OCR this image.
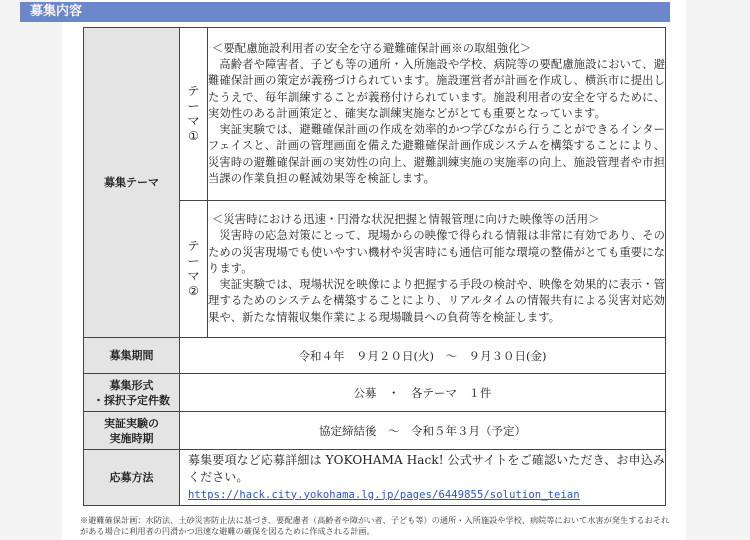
募集内容
募集テーマ	テーマ①	＜要配慮施設利用者の安全を守る避難確保計画※の取組強化＞
高齢者や障害者、子ども等の通所・入所施設や学校、病院等の要配慮施設において、避難確保計画の策定が義務づけられています。施設運営者が計画を作成し、横浜市に提出したうえで、毎年訓練することが義務付けられています。施設利用者の安全を守るために、実効性のある計画策定と、確実な訓練実施などがとても重要となっています。
実証実験では、避難確保計画の作成を効率的かつ学びながら行うことができるインターフェイスと、計画の管理画面を備えた避難確保計画作成システムを構築することにより、災害時の避難確保計画の実効性の向上、避難訓練実施の実施率の向上、施設管理者や市担当課の作業負担の軽減効果等を検証します。

	テーマ②	＜災害時における迅速・円滑な状況把握と情報管理に向けた映像等の活用＞
災害時の応急対策にとって、現場からの映像で得られる情報は非常に有効であり、そのための災害現場でも使いやすい機材や災害時にも通信可能な環境の整備がとても重要になります。
実証実験では、現場状況を映像により把握する手段の検討や、映像を効果的に表示・管理するためのシステムを構築することにより、リアルタイムの情報共有による災害対応効果や、新たな情報収集作業による現場職員への負荷等を検証します。

募集期間	令和４年　９月２０日(火)　～　９月３０日(金)	

募集形式
・採択予定件数	公募　・　各テーマ　１件	

実証実験の
実施時期	協定締結後　～　令和５年３月（予定）	
応募方法	募集要項など応募詳細は YOKOHAMA Hack! 公式サイトをご確認いただき、お申込みください。
https://hack.city.yokohama.lg.jp/pages/6449855/solution_teian	
※避難確保計画：水防法、土砂災害防止法に基づき、要配慮者（高齢者や障がい者、子ども等）の通所・入所施設や学校、病院等において水害が発生するおそれがある場合に利用者の円滑かつ迅速な避難の確保を図るために作成される計画。
